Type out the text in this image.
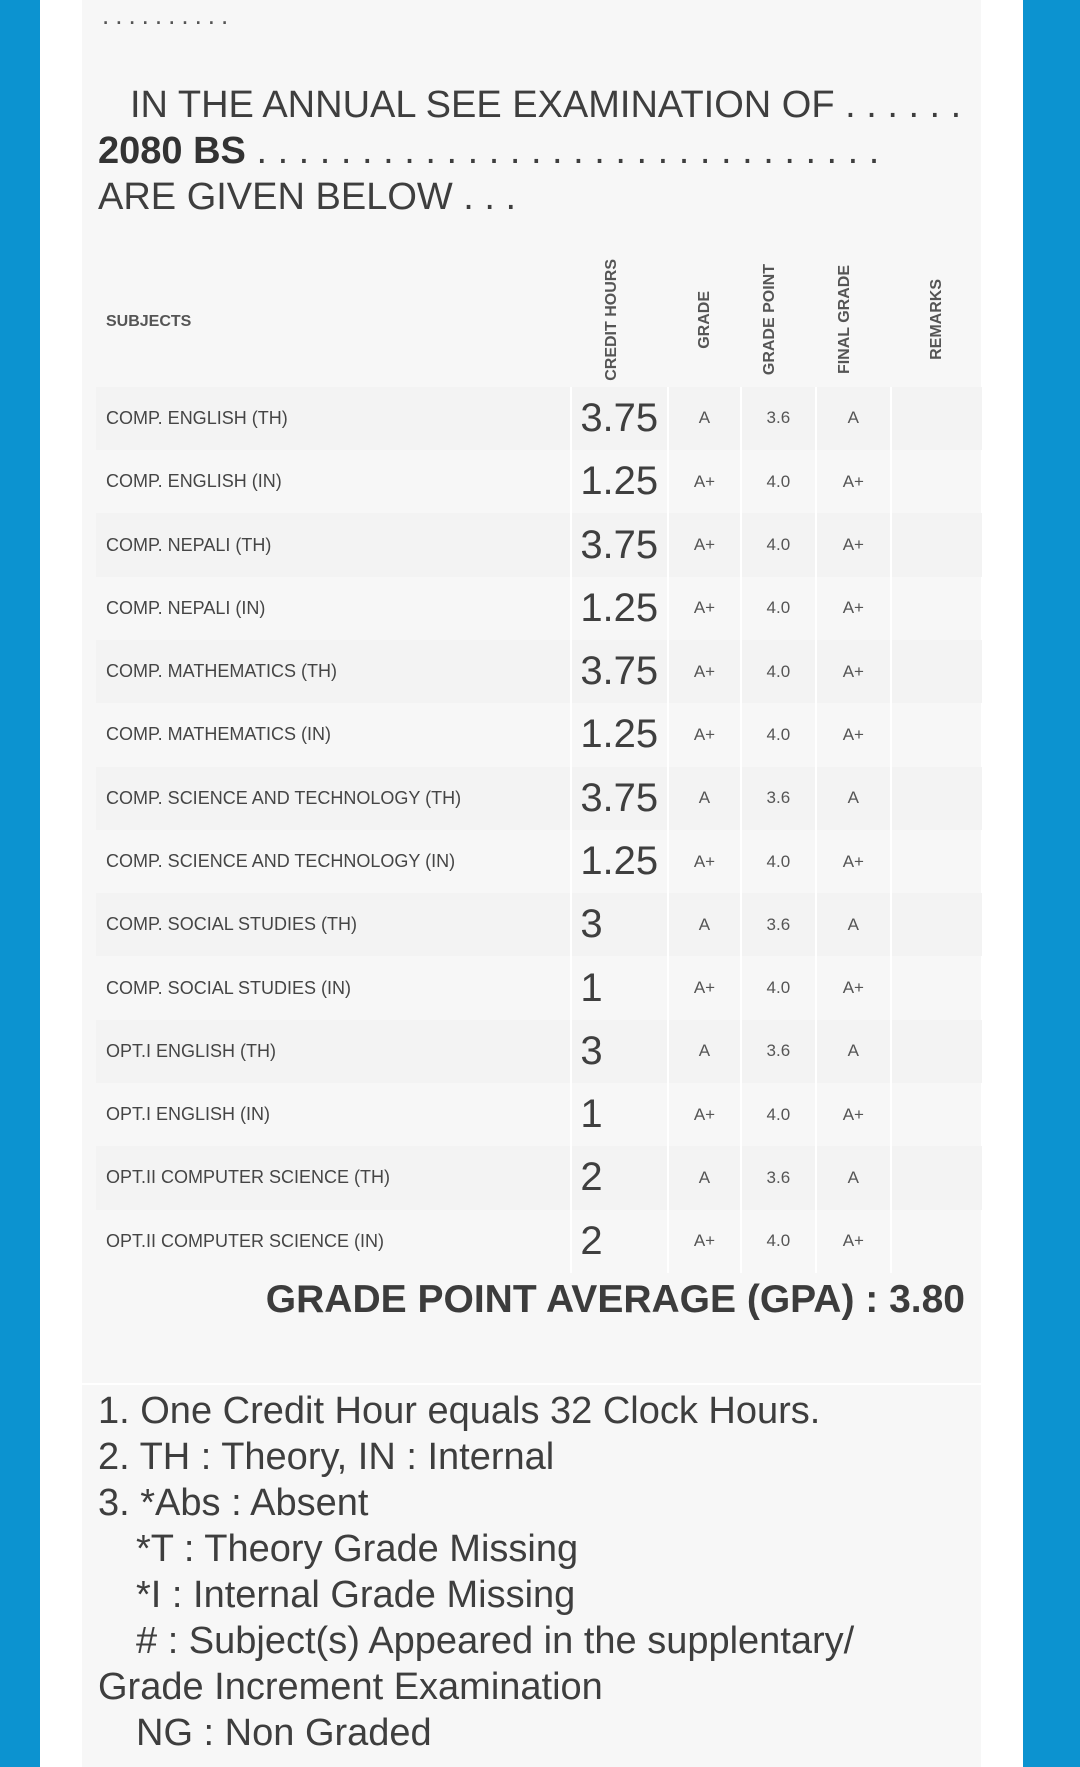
..........
IN THE ANNUAL SEE EXAMINATION OF . . . . . .
2080 BS . . . . . . . . . . . . . . . . . . . . . . . . . . . . . .
ARE GIVEN BELOW . . .
SUBJECTS	CREDIT HOURS	GRADE	GRADE POINT	FINAL GRADE	REMARKS
COMP. ENGLISH (TH)	3.75	A	3.6	A	
COMP. ENGLISH (IN)	1.25	A+	4.0	A+	
COMP. NEPALI (TH)	3.75	A+	4.0	A+	
COMP. NEPALI (IN)	1.25	A+	4.0	A+	
COMP. MATHEMATICS (TH)	3.75	A+	4.0	A+	
COMP. MATHEMATICS (IN)	1.25	A+	4.0	A+	
COMP. SCIENCE AND TECHNOLOGY (TH)	3.75	A	3.6	A	
COMP. SCIENCE AND TECHNOLOGY (IN)	1.25	A+	4.0	A+	
COMP. SOCIAL STUDIES (TH)	3	A	3.6	A	
COMP. SOCIAL STUDIES (IN)	1	A+	4.0	A+	
OPT.I ENGLISH (TH)	3	A	3.6	A	
OPT.I ENGLISH (IN)	1	A+	4.0	A+	
OPT.II COMPUTER SCIENCE (TH)	2	A	3.6	A	
OPT.II COMPUTER SCIENCE (IN)	2	A+	4.0	A+	
GRADE POINT AVERAGE (GPA) : 3.80
1. One Credit Hour equals 32 Clock Hours.
2. TH : Theory, IN : Internal
3. *Abs : Absent
*T : Theory Grade Missing
*I : Internal Grade Missing
# : Subject(s) Appeared in the supplentary/
Grade Increment Examination
NG : Non Graded
